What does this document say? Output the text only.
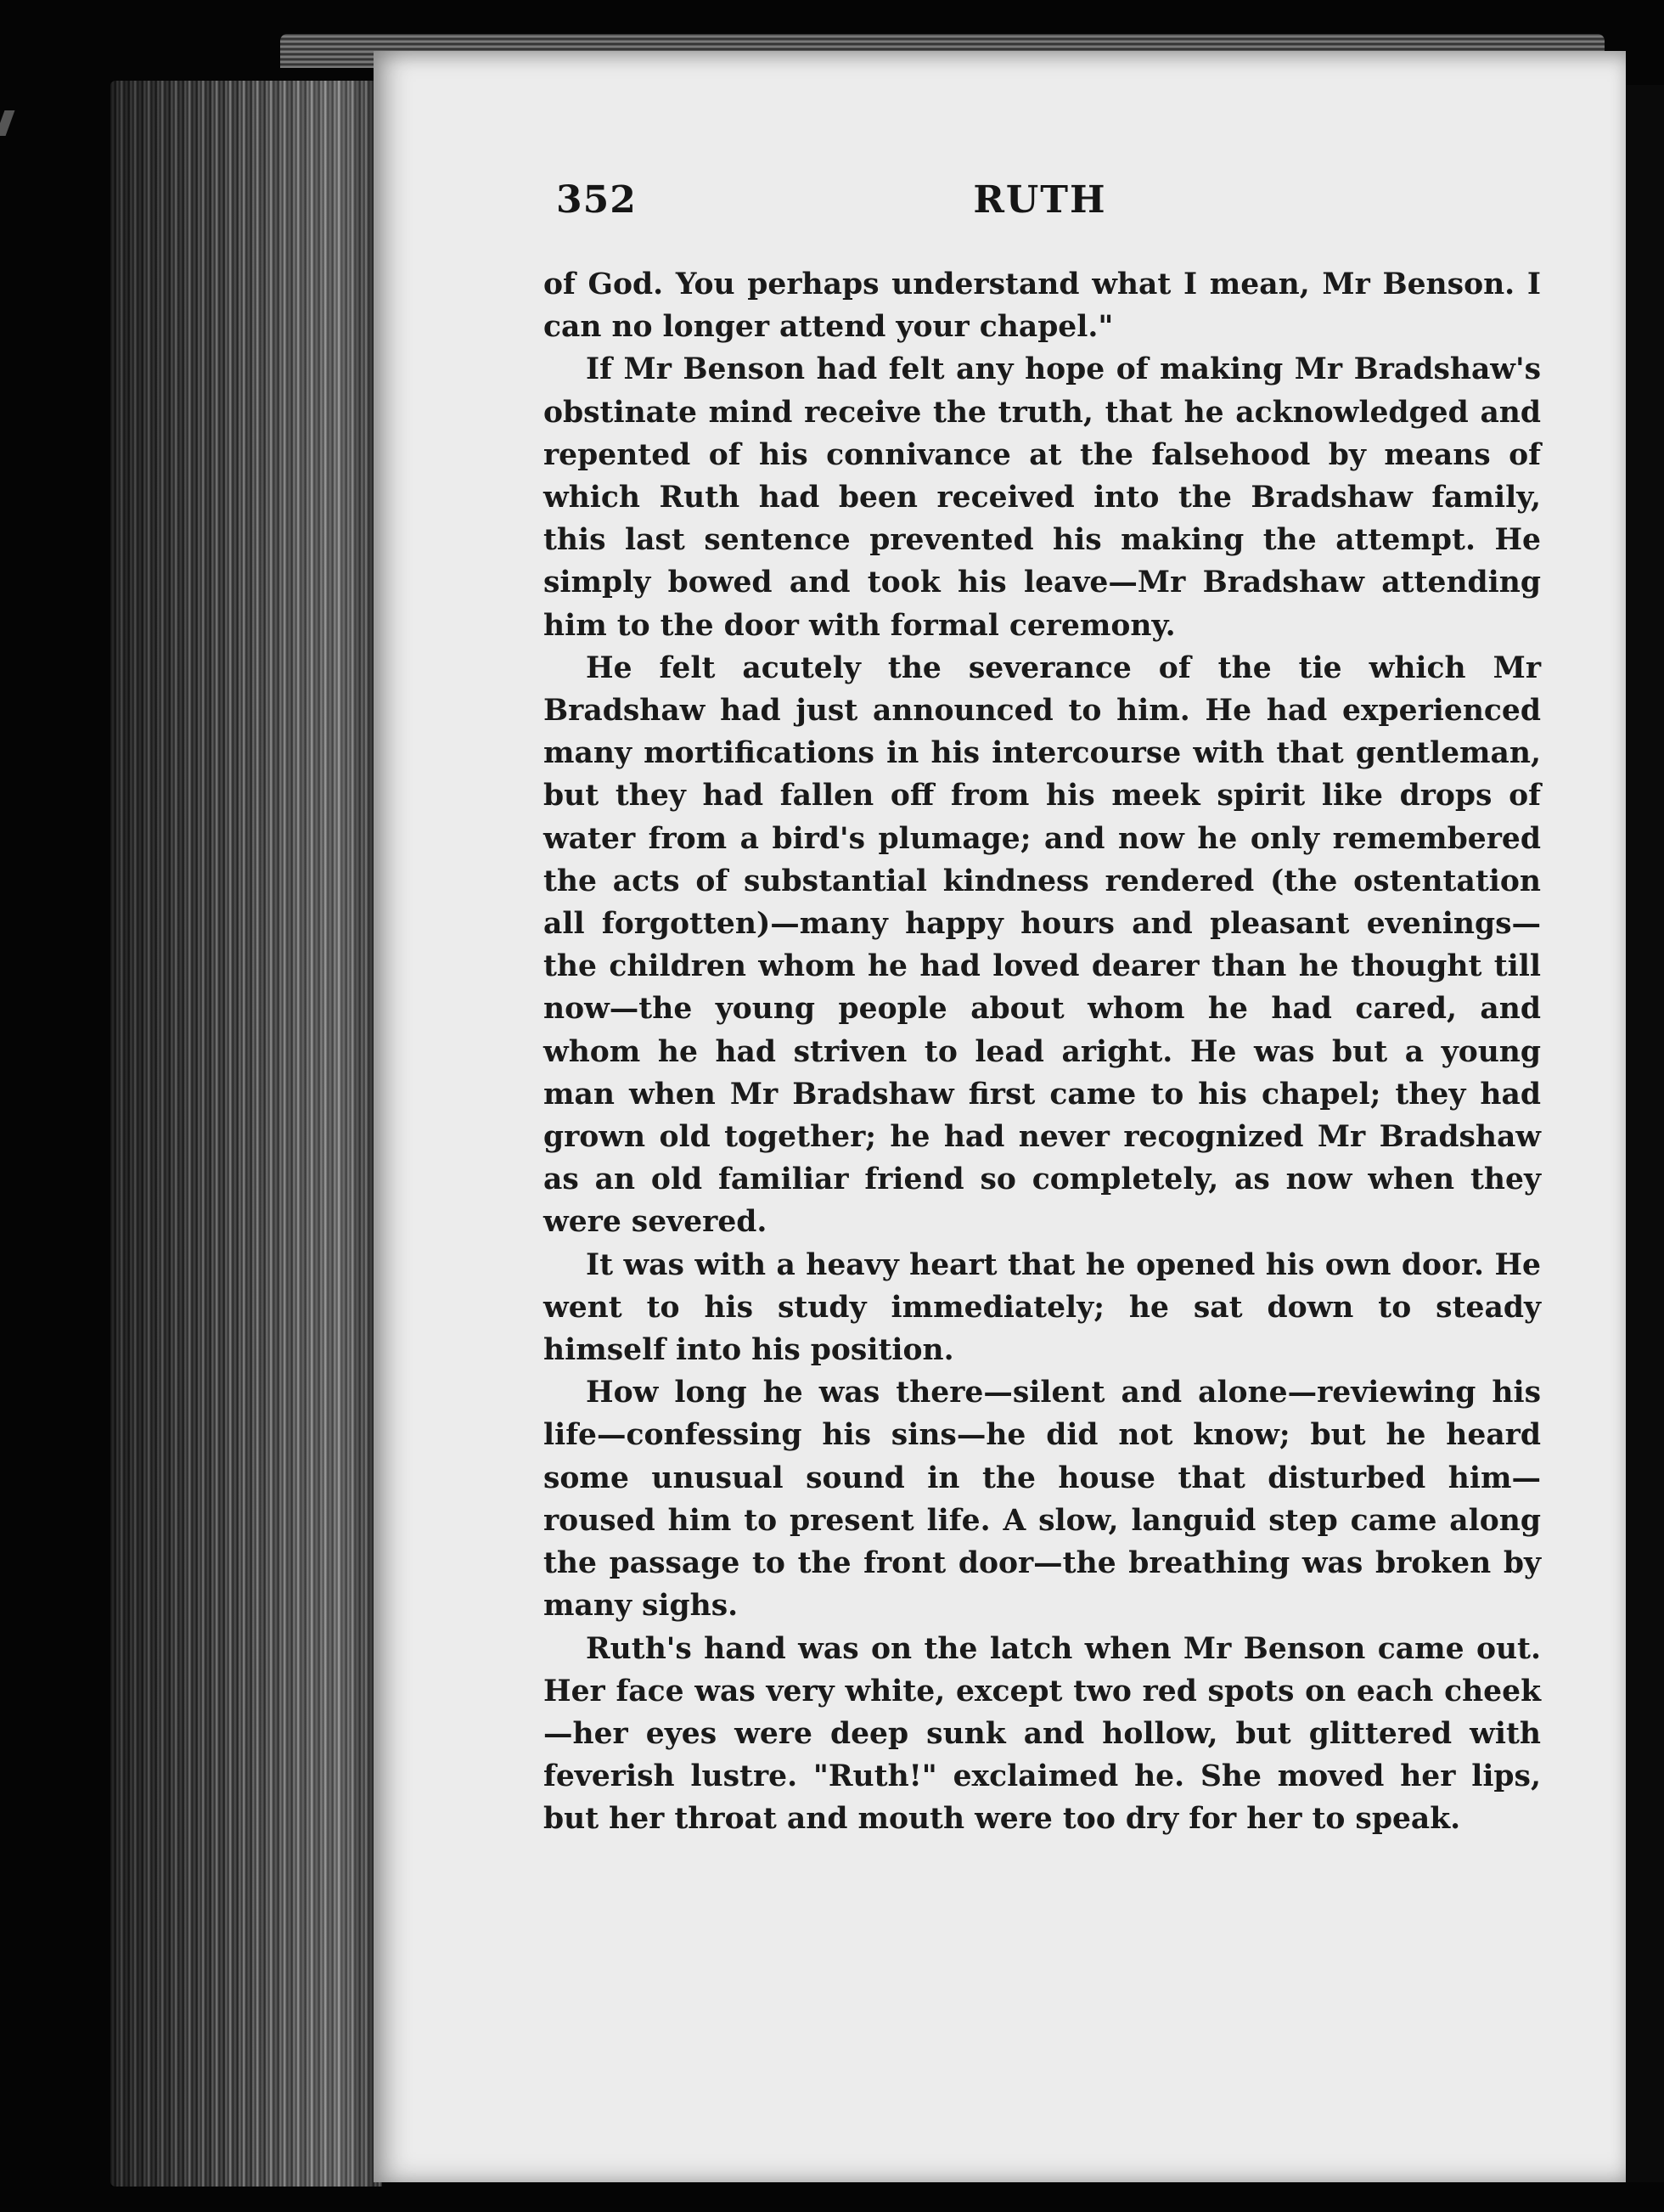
352	RUTH

of God. You perhaps understand what I mean, Mr Benson. I can no longer attend your chapel."

If Mr Benson had felt any hope of making Mr Bradshaw's obstinate mind receive the truth, that he acknowledged and repented of his connivance at the falsehood by means of which Ruth had been received into the Bradshaw family, this last sentence prevented his making the attempt. He simply bowed and took his leave—Mr Bradshaw attending him to the door with formal ceremony.

He felt acutely the severance of the tie which Mr Bradshaw had just announced to him. He had experienced many mortifications in his intercourse with that gentleman, but they had fallen off from his meek spirit like drops of water from a bird's plumage; and now he only remembered the acts of substantial kindness rendered (the ostentation all forgotten)—many happy hours and pleasant evenings—the children whom he had loved dearer than he thought till now—the young people about whom he had cared, and whom he had striven to lead aright. He was but a young man when Mr Bradshaw first came to his chapel; they had grown old together; he had never recognized Mr Bradshaw as an old familiar friend so completely, as now when they were severed.

It was with a heavy heart that he opened his own door. He went to his study immediately; he sat down to steady himself into his position.

How long he was there—silent and alone—reviewing his life—confessing his sins—he did not know; but he heard some unusual sound in the house that disturbed him—roused him to present life. A slow, languid step came along the passage to the front door—the breathing was broken by many sighs.

Ruth's hand was on the latch when Mr Benson came out. Her face was very white, except two red spots on each cheek—her eyes were deep sunk and hollow, but glittered with feverish lustre. "Ruth!" exclaimed he. She moved her lips, but her throat and mouth were too dry for her to speak.
